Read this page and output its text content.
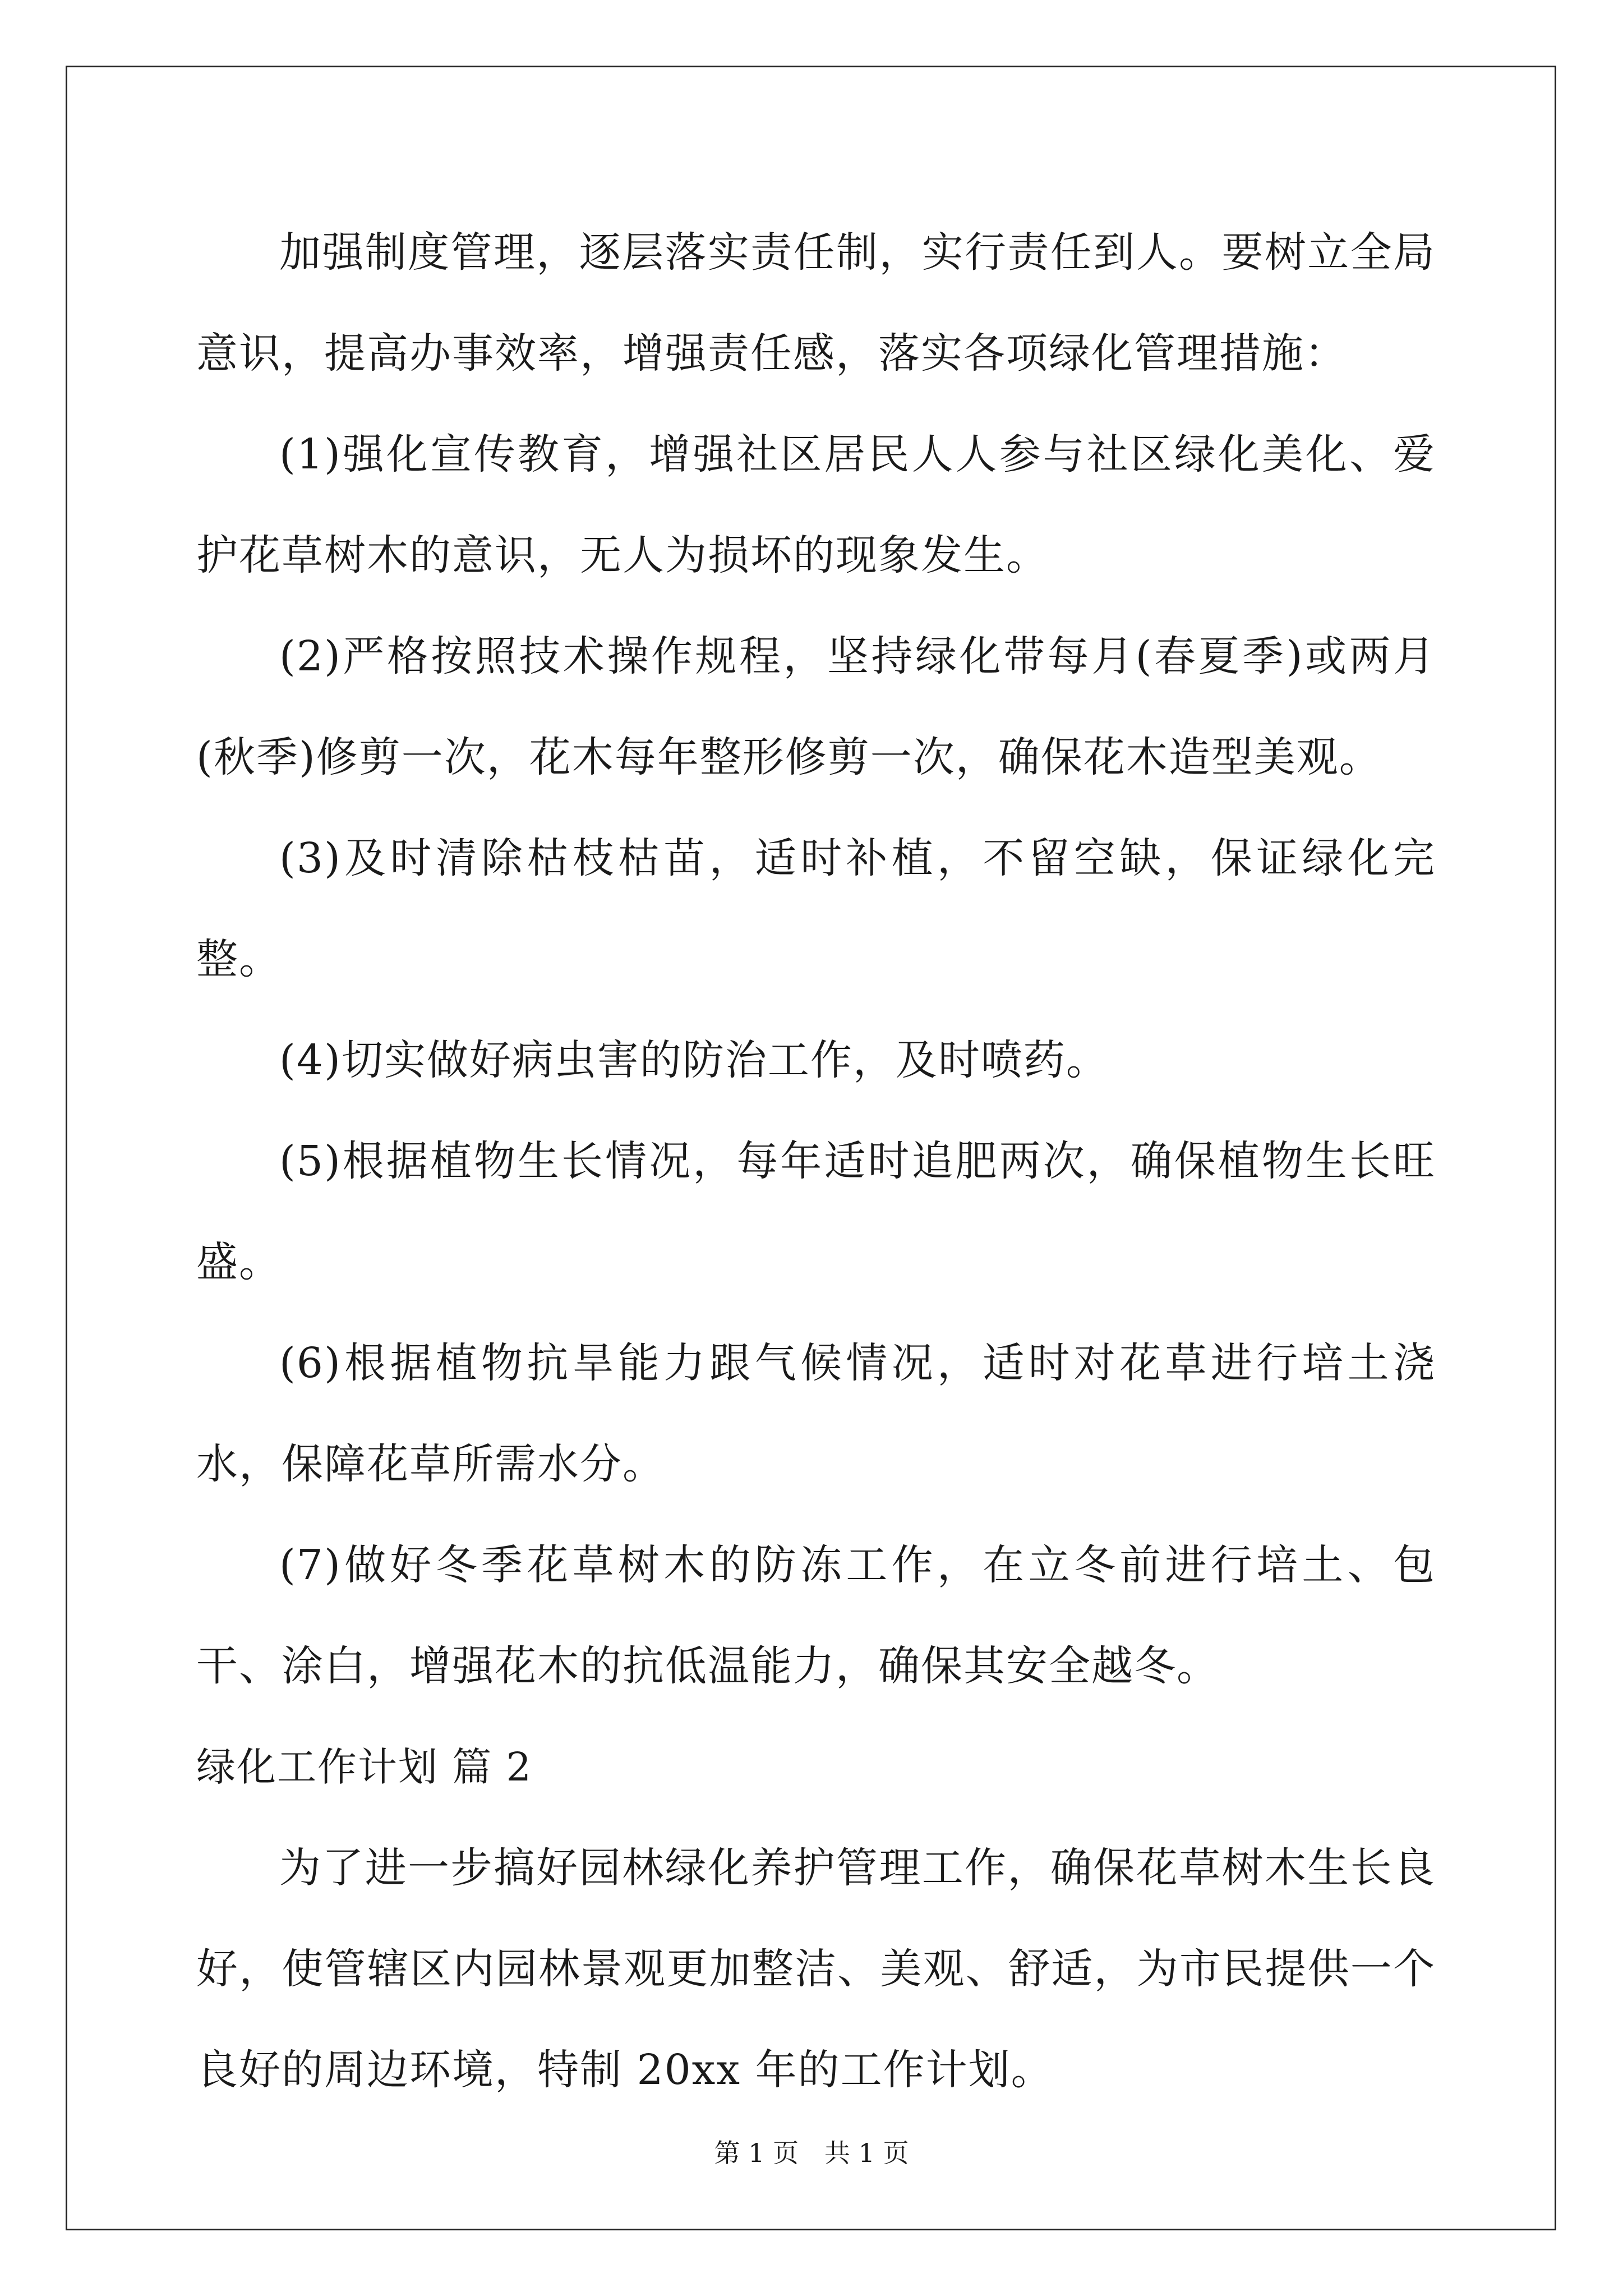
加强制度管理，逐层落实责任制，实行责任到人。要树立全局意识，提高办事效率，增强责任感，落实各项绿化管理措施：

(1)强化宣传教育，增强社区居民人人参与社区绿化美化、爱护花草树木的意识，无人为损坏的现象发生。

(2)严格按照技术操作规程，坚持绿化带每月(春夏季)或两月(秋季)修剪一次，花木每年整形修剪一次，确保花木造型美观。

(3)及时清除枯枝枯苗，适时补植，不留空缺，保证绿化完整。

(4)切实做好病虫害的防治工作，及时喷药。

(5)根据植物生长情况，每年适时追肥两次，确保植物生长旺盛。

(6)根据植物抗旱能力跟气候情况，适时对花草进行培土浇水，保障花草所需水分。

(7)做好冬季花草树木的防冻工作，在立冬前进行培土、包干、涂白，增强花木的抗低温能力，确保其安全越冬。

绿化工作计划 篇 2

为了进一步搞好园林绿化养护管理工作，确保花草树木生长良好，使管辖区内园林景观更加整洁、美观、舒适，为市民提供一个良好的周边环境，特制 20xx 年的工作计划。

第 1 页　共 1 页
